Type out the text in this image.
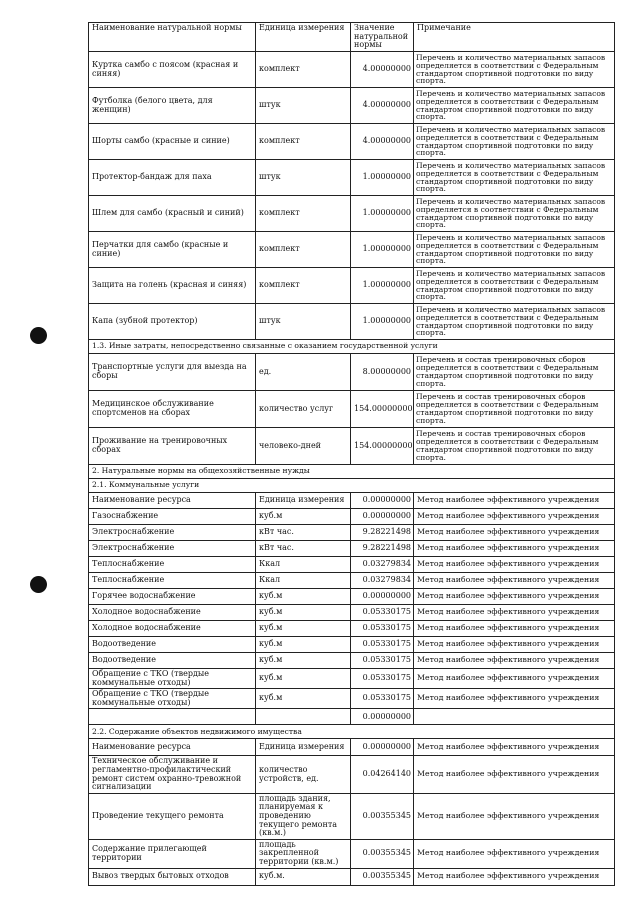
Наименование натуральной нормы	Единица измерения	Значение натуральной нормы	Примечание
Куртка самбо с поясом (красная и синяя)	комплект	4.00000000	Перечень и количество материальных запасов определяется в соответствии с Федеральным стандартом спортивной подготовки по виду спорта.
Футболка (белого цвета, для женщин)	штук	4.00000000	Перечень и количество материальных запасов определяется в соответствии с Федеральным стандартом спортивной подготовки по виду спорта.
Шорты самбо (красные и синие)	комплект	4.00000000	Перечень и количество материальных запасов определяется в соответствии с Федеральным стандартом спортивной подготовки по виду спорта.
Протектор-бандаж для паха	штук	1.00000000	Перечень и количество материальных запасов определяется в соответствии с Федеральным стандартом спортивной подготовки по виду спорта.
Шлем для самбо (красный и синий)	комплект	1.00000000	Перечень и количество материальных запасов определяется в соответствии с Федеральным стандартом спортивной подготовки по виду спорта.
Перчатки для самбо (красные и синие)	комплект	1.00000000	Перечень и количество материальных запасов определяется в соответствии с Федеральным стандартом спортивной подготовки по виду спорта.
Защита на голень (красная и синяя)	комплект	1.00000000	Перечень и количество материальных запасов определяется в соответствии с Федеральным стандартом спортивной подготовки по виду спорта.
Капа (зубной протектор)	штук	1.00000000	Перечень и количество материальных запасов определяется в соответствии с Федеральным стандартом спортивной подготовки по виду спорта.
1.3. Иные затраты, непосредственно связанные с оказанием государственной услуги			
Транспортные услуги для выезда на сборы	ед.	8.00000000	Перечень и состав тренировочных сборов определяется в соответствии с Федеральным стандартом спортивной подготовки по виду спорта.
Медицинское обслуживание спортсменов на сборах	количество услуг	154.00000000	Перечень и состав тренировочных сборов определяется в соответствии с Федеральным стандартом спортивной подготовки по виду спорта.
Проживание на тренировочных сборах	человеко-дней	154.00000000	Перечень и состав тренировочных сборов определяется в соответствии с Федеральным стандартом спортивной подготовки по виду спорта.
2. Натуральные нормы на общехозяйственные нужды			
2.1. Коммунальные услуги			
Наименование ресурса	Единица измерения	0.00000000	Метод наиболее эффективного учреждения
Газоснабжение	куб.м	0.00000000	Метод наиболее эффективного учреждения
Электроснабжение	кВт час.	9.28221498	Метод наиболее эффективного учреждения
Электроснабжение	кВт час.	9.28221498	Метод наиболее эффективного учреждения
Теплоснабжение	Ккал	0.03279834	Метод наиболее эффективного учреждения
Теплоснабжение	Ккал	0.03279834	Метод наиболее эффективного учреждения
Горячее водоснабжение	куб.м	0.00000000	Метод наиболее эффективного учреждения
Холодное водоснабжение	куб.м	0.05330175	Метод наиболее эффективного учреждения
Холодное водоснабжение	куб.м	0.05330175	Метод наиболее эффективного учреждения
Водоотведение	куб.м	0.05330175	Метод наиболее эффективного учреждения
Водоотведение	куб.м	0.05330175	Метод наиболее эффективного учреждения
Обращение с ТКО (твердые коммунальные отходы)	куб.м	0.05330175	Метод наиболее эффективного учреждения
Обращение с ТКО (твердые коммунальные отходы)	куб.м	0.05330175	Метод наиболее эффективного учреждения
		0.00000000	
2.2. Содержание объектов недвижимого имущества			
Наименование ресурса	Единица измерения	0.00000000	Метод наиболее эффективного учреждения
Техническое обслуживание и регламентно-профилактический ремонт систем охранно-тревожной сигнализации	количество устройств, ед.	0.04264140	Метод наиболее эффективного учреждения
Проведение текущего ремонта	площадь здания, планируемая к проведению текущего ремонта (кв.м.)	0.00355345	Метод наиболее эффективного учреждения
Содержание прилегающей территории	площадь закрепленной территории (кв.м.)	0.00355345	Метод наиболее эффективного учреждения
Вывоз твердых бытовых отходов	куб.м.	0.00355345	Метод наиболее эффективного учреждения
